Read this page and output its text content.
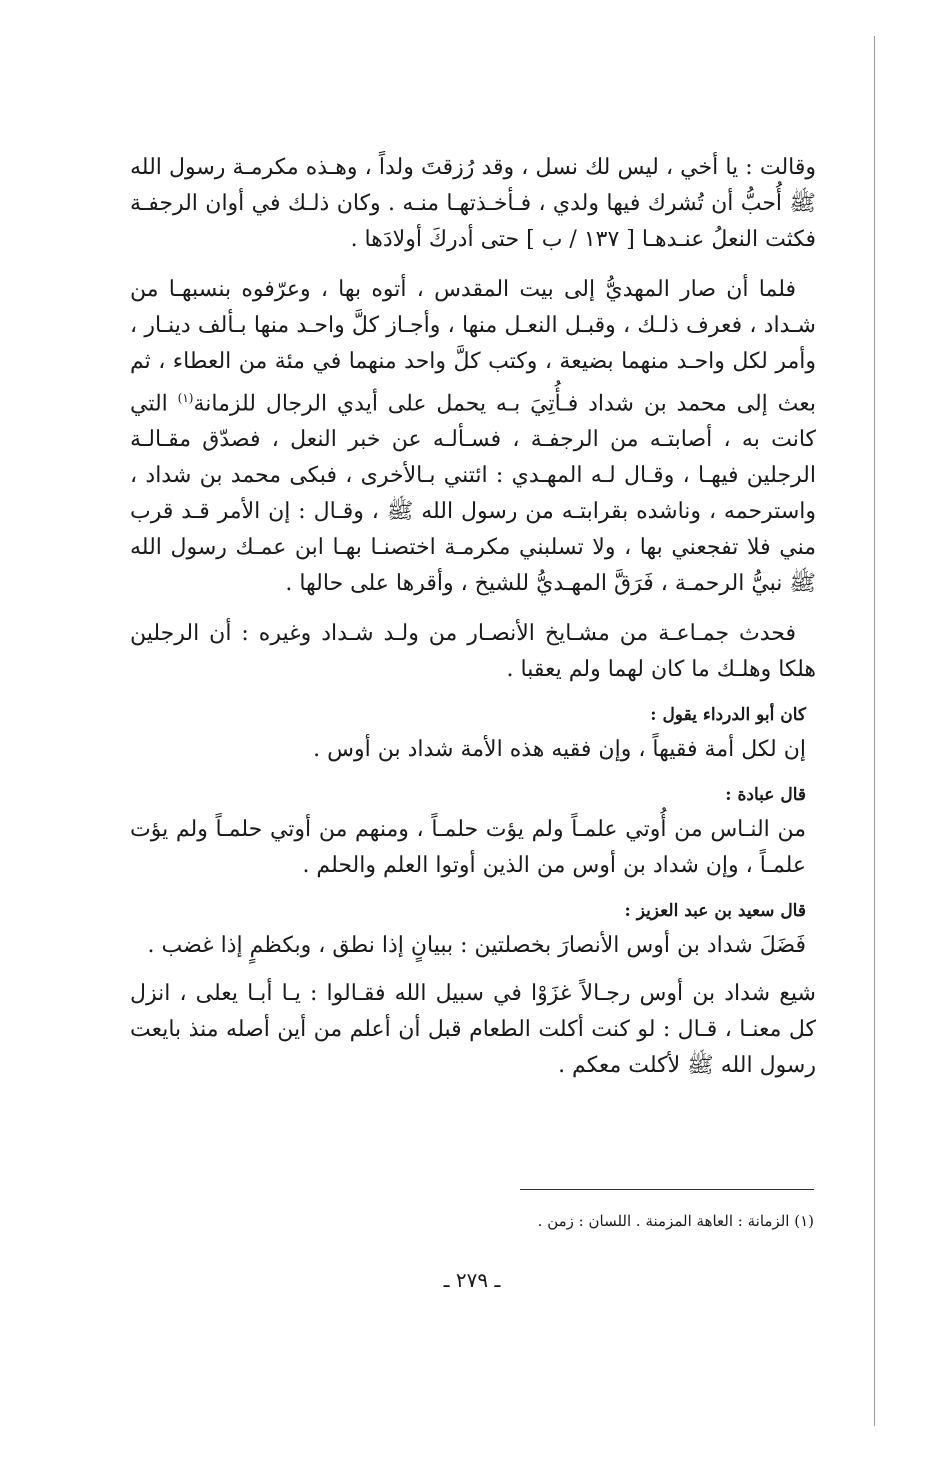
وقالت : يا أخي ، ليس لك نسل ، وقد رُزقتَ ولداً ، وهـذه مكرمـة رسول الله ﷺ أُحبُّ أن تُشرك فيها ولدي ، فـأخـذتهـا منـه . وكان ذلـك في أوان الرجفـة فكثت النعلُ عنـدهـا [ ١٣٧ / ب ] حتى أدركَ أولادَها .

فلما أن صار المهديُّ إلى بيت المقدس ، أتوه بها ، وعرّفوه بنسبهـا من شـداد ، فعرف ذلـك ، وقبـل النعـل منها ، وأجـاز كلَّ واحـد منها بـألف دينـار ، وأمر لكل واحـد منهما بضيعة ، وكتب كلَّ واحد منهما في مئة من العطاء ، ثم بعث إلى محمد بن شداد فـأُتِيَ بـه يحمل على أيدي الرجال للزمانة$^{(١)}$ التي كانت به ، أصابتـه من الرجفـة ، فسـألـه عن خبر النعل ، فصدّق مقـالـة الرجلين فيهـا ، وقـال لـه المهـدي : ائتني بـالأخرى ، فبكى محمد بن شداد ، واسترحمه ، وناشده بقرابتـه من رسول الله ﷺ ، وقـال : إن الأمر قـد قرب مني فلا تفجعني بها ، ولا تسلبني مكرمـة اختصنـا بهـا ابن عمـك رسول الله ﷺ نبيُّ الرحمـة ، فَرَقَّ المهـديُّ للشيخ ، وأقرها على حالها .

فحدث جمـاعـة من مشـايخ الأنصـار من ولـد شـداد وغيره : أن الرجلين هلكا وهلـك ما كان لهما ولم يعقبا .

كان أبو الدرداء يقول :

إن لكل أمة فقيهاً ، وإن فقيه هذه الأمة شداد بن أوس .

قال عبادة :

من النـاس من أُوتي علمـاً ولم يؤت حلمـاً ، ومنهم من أوتي حلمـاً ولم يؤت علمـاً ، وإن شداد بن أوس من الذين أوتوا العلم والحلم .

قال سعيد بن عبد العزيز :

فَضَلَ شداد بن أوس الأنصارَ بخصلتين : ببيانٍ إذا نطق ، وبكظمٍ إذا غضب .

شيع شداد بن أوس رجـالاً غزَوْا في سبيل الله فقـالوا : يـا أبـا يعلى ، انزل كل معنـا ، قـال : لو كنت أكلت الطعام قبل أن أعلم من أين أصله منذ بايعت رسول الله ﷺ لأكلت معكم .

(١) الزمانة : العاهة المزمنة . اللسان : زمن .
ـ ٢٧٩ ـ
